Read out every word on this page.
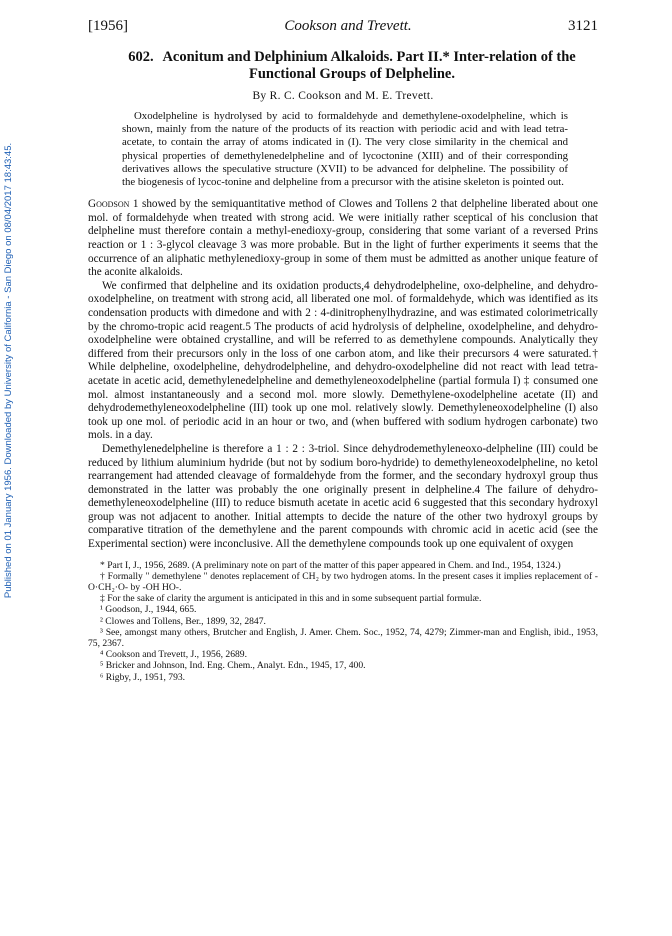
Published on 01 January 1956. Downloaded by University of California - San Diego on 08/04/2017 18:43:45.
[1956]	Cookson and Trevett.	3121
602. Aconitum and Delphinium Alkaloids. Part II.* Inter-relation of the Functional Groups of Delpheline.
By R. C. Cookson and M. E. Trevett.
Oxodelpheline is hydrolysed by acid to formaldehyde and demethylene-oxodelpheline, which is shown, mainly from the nature of the products of its reaction with periodic acid and with lead tetra-acetate, to contain the array of atoms indicated in (I). The very close similarity in the chemical and physical properties of demethylenedelpheline and of lycoctonine (XIII) and of their corresponding derivatives allows the speculative structure (XVII) to be advanced for delpheline. The possibility of the biogenesis of lycoc-tonine and delpheline from a precursor with the atisine skeleton is pointed out.

Goodson 1 showed by the semiquantitative method of Clowes and Tollens 2 that delpheline liberated about one mol. of formaldehyde when treated with strong acid. We were initially rather sceptical of his conclusion that delpheline must therefore contain a methyl-enedioxy-group, considering that some variant of a reversed Prins reaction or 1 : 3-glycol cleavage 3 was more probable. But in the light of further experiments it seems that the occurrence of an aliphatic methylenedioxy-group in some of them must be admitted as another unique feature of the aconite alkaloids.

We confirmed that delpheline and its oxidation products,4 dehydrodelpheline, oxo-delpheline, and dehydro-oxodelpheline, on treatment with strong acid, all liberated one mol. of formaldehyde, which was identified as its condensation products with dimedone and with 2 : 4-dinitrophenylhydrazine, and was estimated colorimetrically by the chromo-tropic acid reagent.5 The products of acid hydrolysis of delpheline, oxodelpheline, and dehydro-oxodelpheline were obtained crystalline, and will be referred to as demethylene compounds. Analytically they differed from their precursors only in the loss of one carbon atom, and like their precursors 4 were saturated.† While delpheline, oxodelpheline, dehydrodelpheline, and dehydro-oxodelpheline did not react with lead tetra-acetate in acetic acid, demethylenedelpheline and demethyleneoxodelpheline (partial formula I) ‡ consumed one mol. almost instantaneously and a second mol. more slowly. Demethylene-oxodelpheline acetate (II) and dehydrodemethyleneoxodelpheline (III) took up one mol. relatively slowly. Demethyleneoxodelpheline (I) also took up one mol. of periodic acid in an hour or two, and (when buffered with sodium hydrogen carbonate) two mols. in a day.

Demethylenedelpheline is therefore a 1 : 2 : 3-triol. Since dehydrodemethyleneoxo-delpheline (III) could be reduced by lithium aluminium hydride (but not by sodium boro-hydride) to demethyleneoxodelpheline, no ketol rearrangement had attended cleavage of formaldehyde from the former, and the secondary hydroxyl group thus demonstrated in the latter was probably the one originally present in delpheline.4 The failure of dehydro-demethyleneoxodelpheline (III) to reduce bismuth acetate in acetic acid 6 suggested that this secondary hydroxyl group was not adjacent to another. Initial attempts to decide the nature of the other two hydroxyl groups by comparative titration of the demethylene and the parent compounds with chromic acid in acetic acid (see the Experimental section) were inconclusive. All the demethylene compounds took up one equivalent of oxygen

* Part I, J., 1956, 2689. (A preliminary note on part of the matter of this paper appeared in Chem. and Ind., 1954, 1324.)
† Formally " demethylene " denotes replacement of CH₂ by two hydrogen atoms. In the present cases it implies replacement of -O·CH₂·O- by -OH HO-.
‡ For the sake of clarity the argument is anticipated in this and in some subsequent partial formulæ.
¹ Goodson, J., 1944, 665.
² Clowes and Tollens, Ber., 1899, 32, 2847.
³ See, amongst many others, Brutcher and English, J. Amer. Chem. Soc., 1952, 74, 4279; Zimmer-man and English, ibid., 1953, 75, 2367.
⁴ Cookson and Trevett, J., 1956, 2689.
⁵ Bricker and Johnson, Ind. Eng. Chem., Analyt. Edn., 1945, 17, 400.
⁶ Rigby, J., 1951, 793.
